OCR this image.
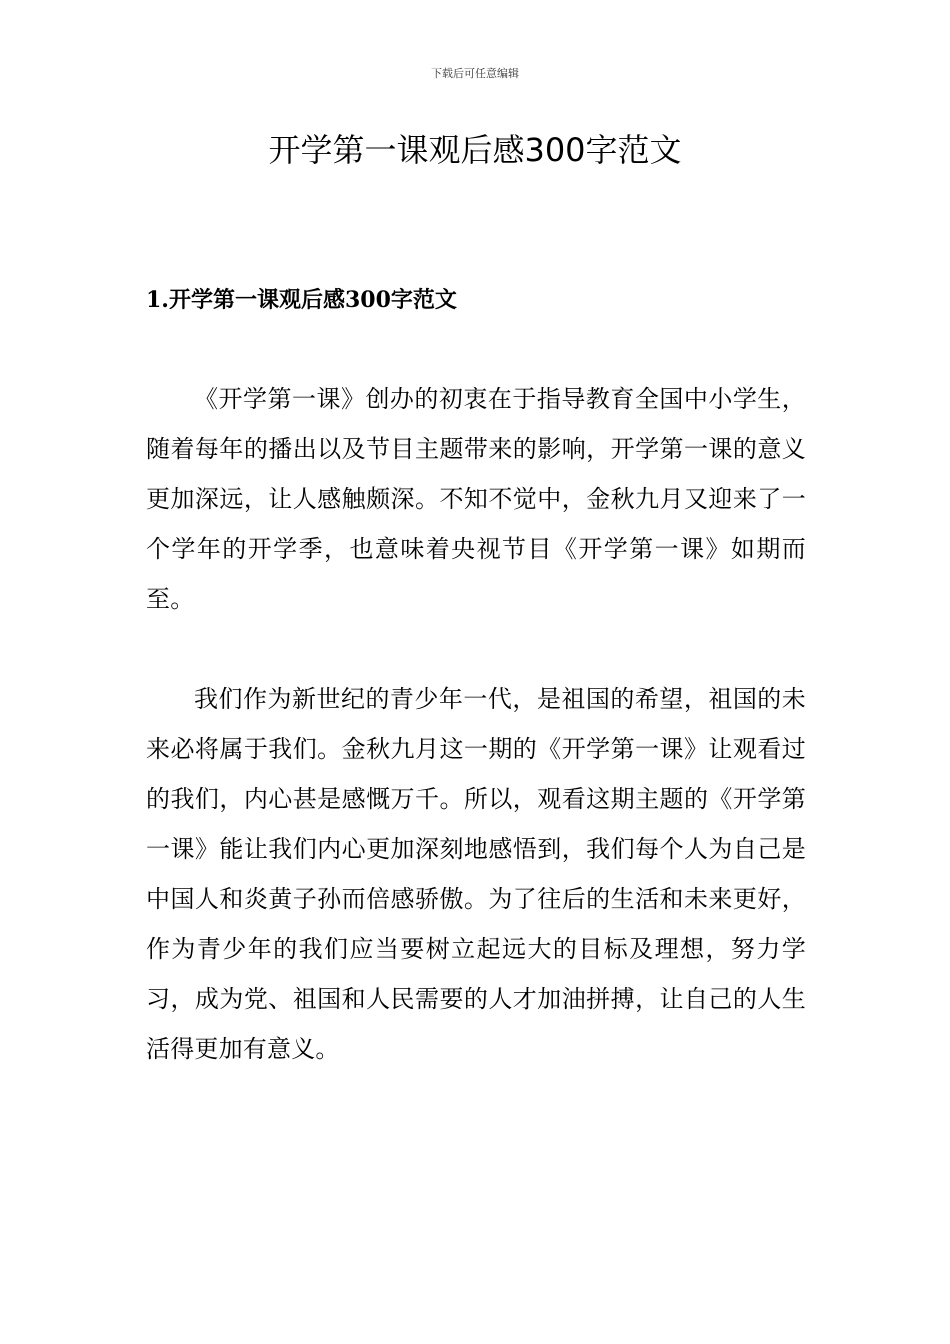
下载后可任意编辑
开学第一课观后感300字范文
1.开学第一课观后感300字范文

《开学第一课》创办的初衷在于指导教育全国中小学生，随着每年的播出以及节目主题带来的影响，开学第一课的意义更加深远，让人感触颇深。不知不觉中，金秋九月又迎来了一个学年的开学季，也意味着央视节目《开学第一课》如期而至。

我们作为新世纪的青少年一代，是祖国的希望，祖国的未来必将属于我们。金秋九月这一期的《开学第一课》让观看过的我们，内心甚是感慨万千。所以，观看这期主题的《开学第一课》能让我们内心更加深刻地感悟到，我们每个人为自己是中国人和炎黄子孙而倍感骄傲。为了往后的生活和未来更好，作为青少年的我们应当要树立起远大的目标及理想，努力学习，成为党、祖国和人民需要的人才加油拼搏，让自己的人生活得更加有意义。
